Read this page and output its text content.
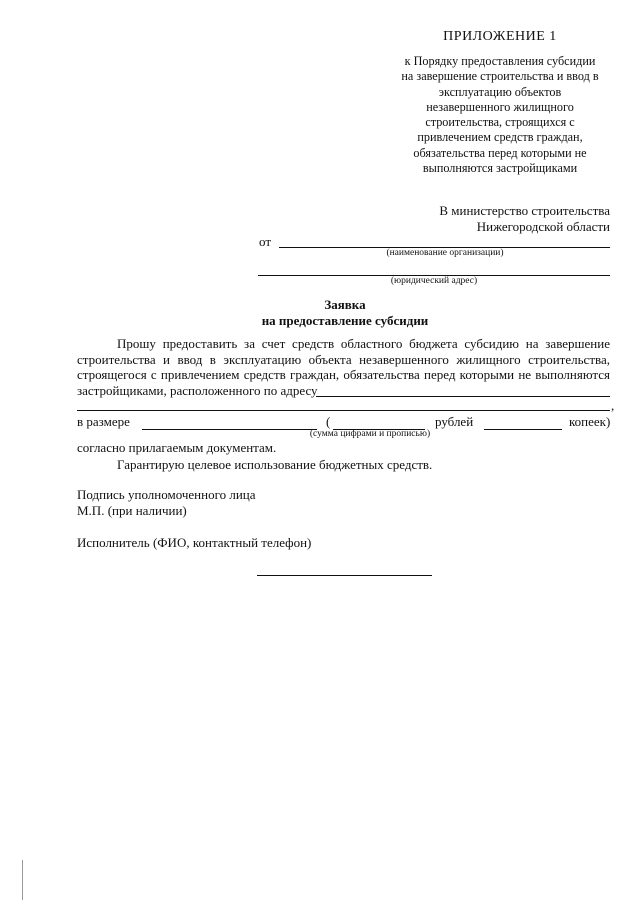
ПРИЛОЖЕНИЕ 1
к Порядку предоставления субсидии
на завершение строительства и ввод в
эксплуатацию объектов
незавершенного жилищного
строительства, строящихся с
привлечением средств граждан,
обязательства перед которыми не
выполняются застройщиками
В министерство строительства
Нижегородской области
от
(наименование организации)
(юридический адрес)
Заявка
на предоставление субсидии
Прошу предоставить за счет средств областного бюджета субсидию на завершение строительства и ввод в эксплуатацию объекта незавершенного жилищного строительства, строящегося с привлечением средств граждан, обязательства перед которыми не выполняются застройщиками, расположенного по адресу
,
в размере	(	рублей	копеек)
(сумма цифрами и прописью)
согласно прилагаемым документам.
Гарантирую целевое использование бюджетных средств.
Подпись уполномоченного лица
М.П. (при наличии)
Исполнитель (ФИО, контактный телефон)
